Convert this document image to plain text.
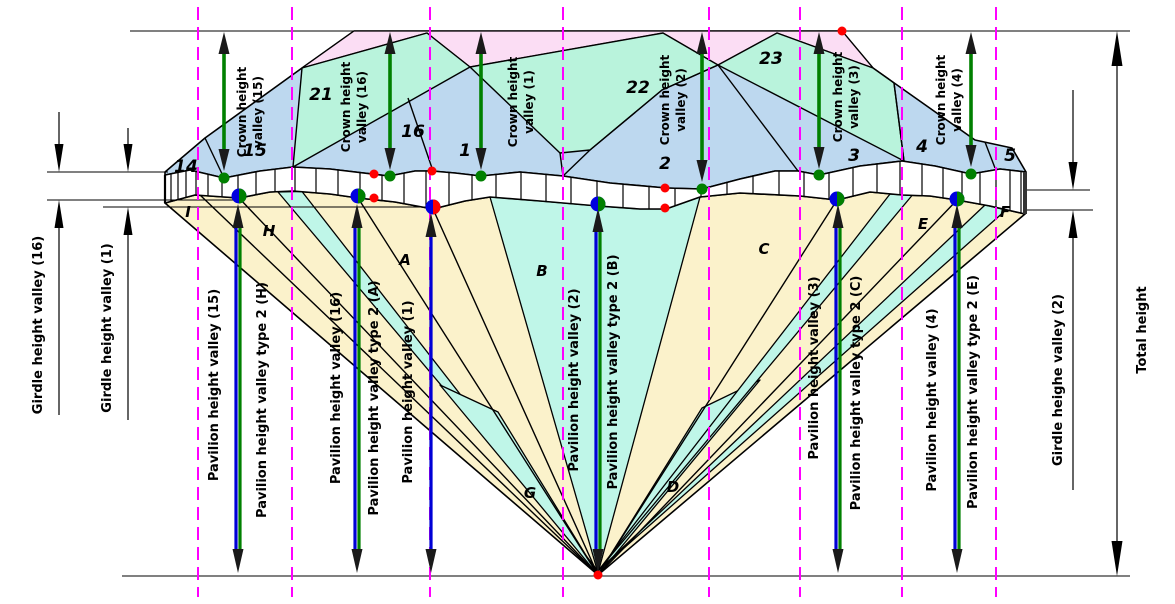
14
15
21
16
1
22
2
23
3	4	5
I
H
A
B
G	D
C
E
F
Crown height valley (15)	Crown height valley (16)	Crown height valley (1)	Crown height valley (2)	Crown height valley (3)	Crown height valley (4)
Pavilion height valley (15)	Pavilion height valley type 2 (H)	Pavilion height valley (16) Pavilion height valley type 2 (A) Pavilion height valley (1)	Pavilion height valley (2) Pavilion height valley type 2 (B)	Pavilion height valley (3) Pavilion height valley type 2 (C)	Pavilion height valley (4) Pavilion height valley type 2 (E)
Girdle height valley (16)	Girdle height valley (1)	Girdle heighe valley (2)	Total height
